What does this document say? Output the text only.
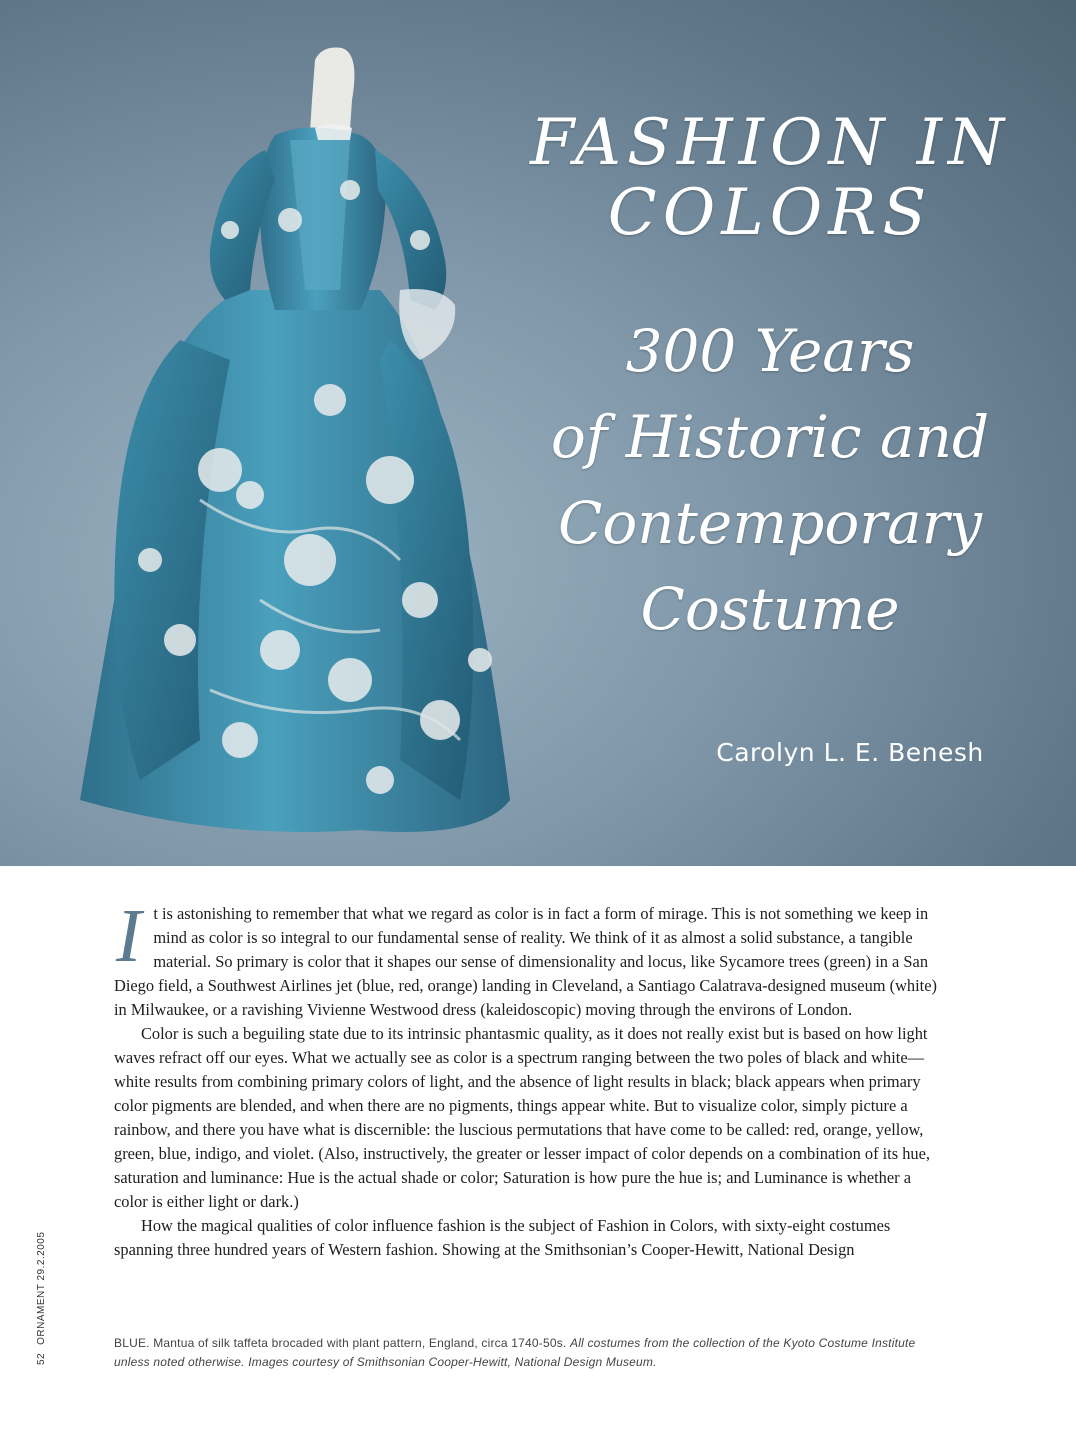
FASHION IN
COLORS
300 Years
of Historic and
Contemporary
Costume
Carolyn L. E. Benesh

It is astonishing to remember that what we regard as color is in fact a form of mirage. This is not something we keep in mind as color is so integral to our fundamental sense of reality. We think of it as almost a solid substance, a tangible material. So primary is color that it shapes our sense of dimensionality and locus, like Sycamore trees (green) in a San Diego field, a Southwest Airlines jet (blue, red, orange) landing in Cleveland, a Santiago Calatrava-designed museum (white) in Milwaukee, or a ravishing Vivienne Westwood dress (kaleidoscopic) moving through the environs of London.

Color is such a beguiling state due to its intrinsic phantasmic quality, as it does not really exist but is based on how light waves refract off our eyes. What we actually see as color is a spectrum ranging between the two poles of black and white—white results from combining primary colors of light, and the absence of light results in black; black appears when primary color pigments are blended, and when there are no pigments, things appear white. But to visualize color, simply picture a rainbow, and there you have what is discernible: the luscious permutations that have come to be called: red, orange, yellow, green, blue, indigo, and violet. (Also, instructively, the greater or lesser impact of color depends on a combination of its hue, saturation and luminance: Hue is the actual shade or color; Saturation is how pure the hue is; and Luminance is whether a color is either light or dark.)

How the magical qualities of color influence fashion is the subject of Fashion in Colors, with sixty-eight costumes spanning three hundred years of Western fashion. Showing at the Smithsonian’s Cooper-Hewitt, National Design

52ORNAMENT 29.2.2005	BLUE. Mantua of silk taffeta brocaded with plant pattern, England, circa 1740-50s. All costumes from the collection of the Kyoto Costume Institute unless noted otherwise. Images courtesy of Smithsonian Cooper-Hewitt, National Design Museum.
